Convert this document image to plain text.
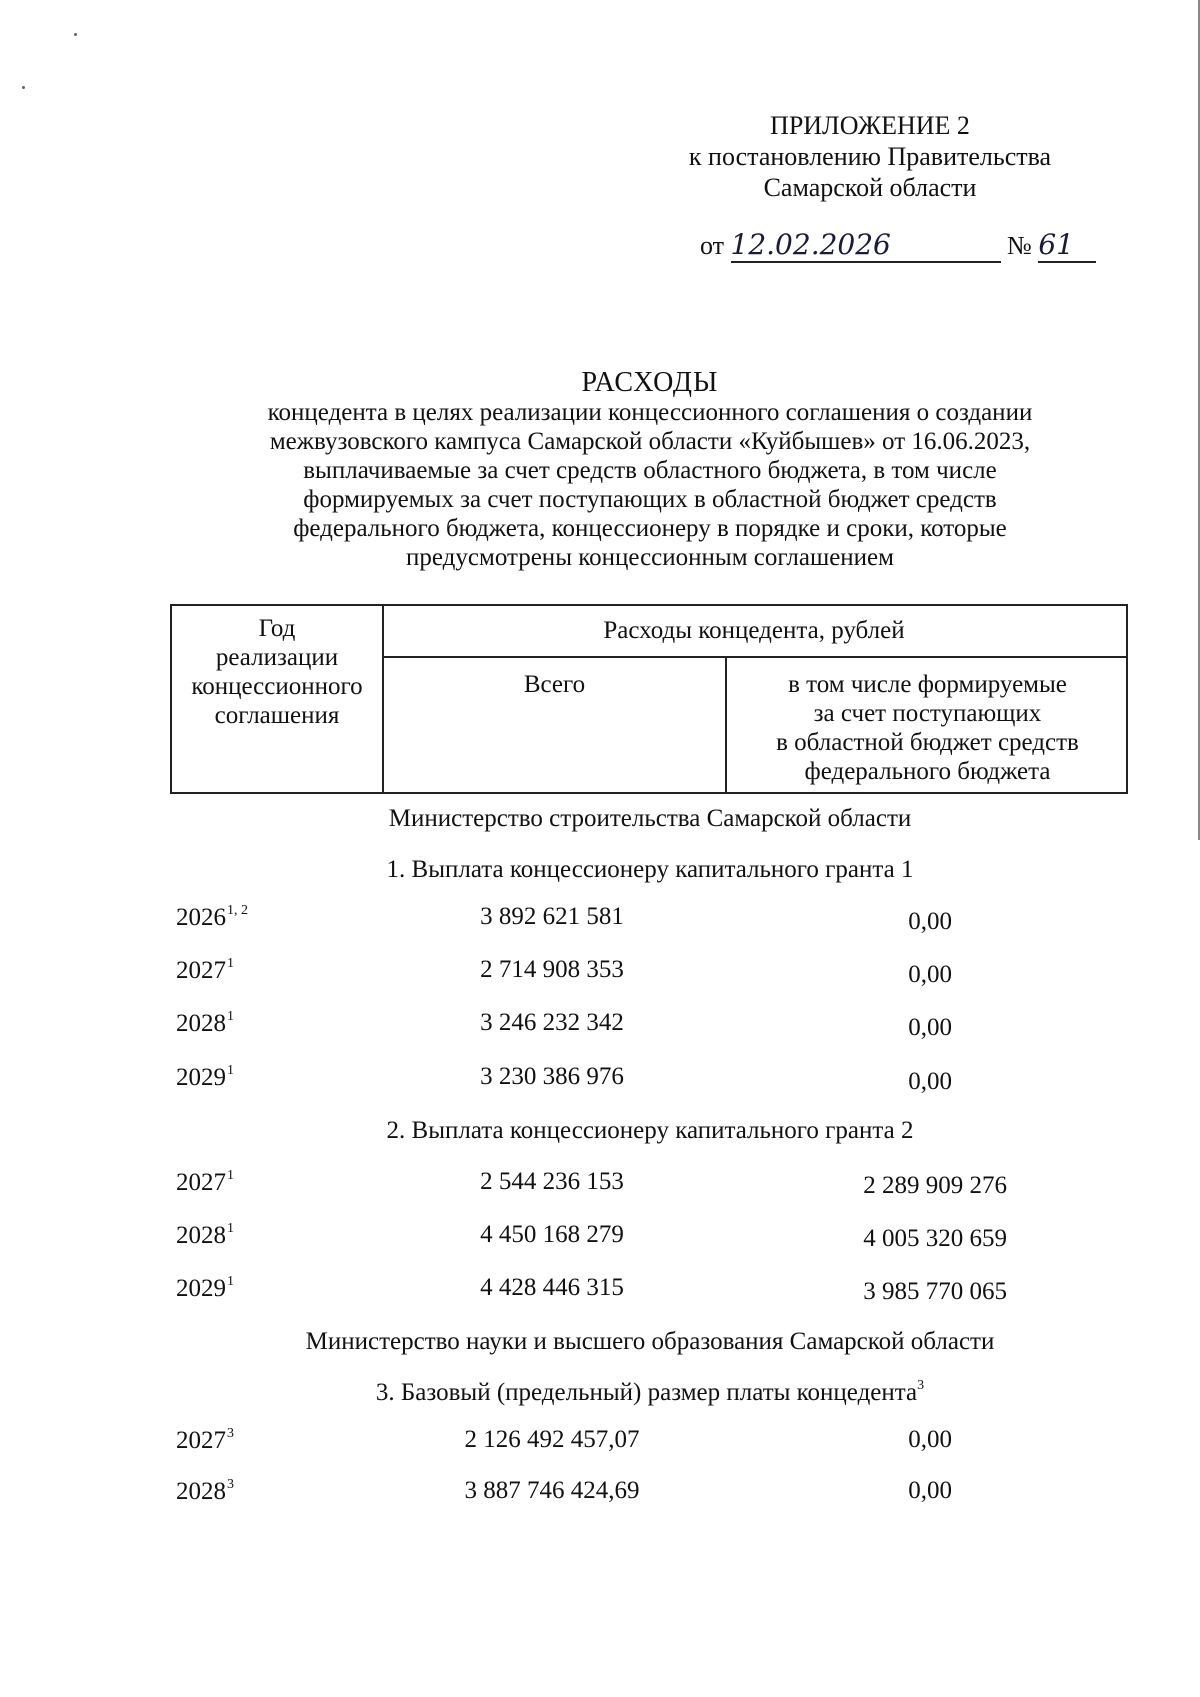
ПРИЛОЖЕНИЕ 2
к постановлению Правительства
Самарской области
от 12.02.2026	№ 61
РАСХОДЫ
концедента в целях реализации концессионного соглашения о создании
межвузовского кампуса Самарской области «Куйбышев» от 16.06.2023,
выплачиваемые за счет средств областного бюджета, в том числе
формируемых за счет поступающих в областной бюджет средств
федерального бюджета, концессионеру в порядке и сроки, которые
предусмотрены концессионным соглашением
Год
реализации
концессионного
соглашения
Расходы концедента, рублей
Всего	в том числе формируемые
за счет поступающих
в областной бюджет средств
федерального бюджета
Министерство строительства Самарской области
1. Выплата концессионеру капитального гранта 1
2026$^{1, 2}$	3 892 621 581	0,00
2027$^1$	2 714 908 353	0,00
2028$^1$	3 246 232 342	0,00
2029$^1$	3 230 386 976	0,00
2. Выплата концессионеру капитального гранта 2
2027$^1$	2 544 236 153	2 289 909 276
2028$^1$	4 450 168 279	4 005 320 659
2029$^1$	4 428 446 315	3 985 770 065
Министерство науки и высшего образования Самарской области
3. Базовый (предельный) размер платы концедента$^3$
2027$^3$	2 126 492 457,07	0,00
2028$^3$	3 887 746 424,69	0,00
